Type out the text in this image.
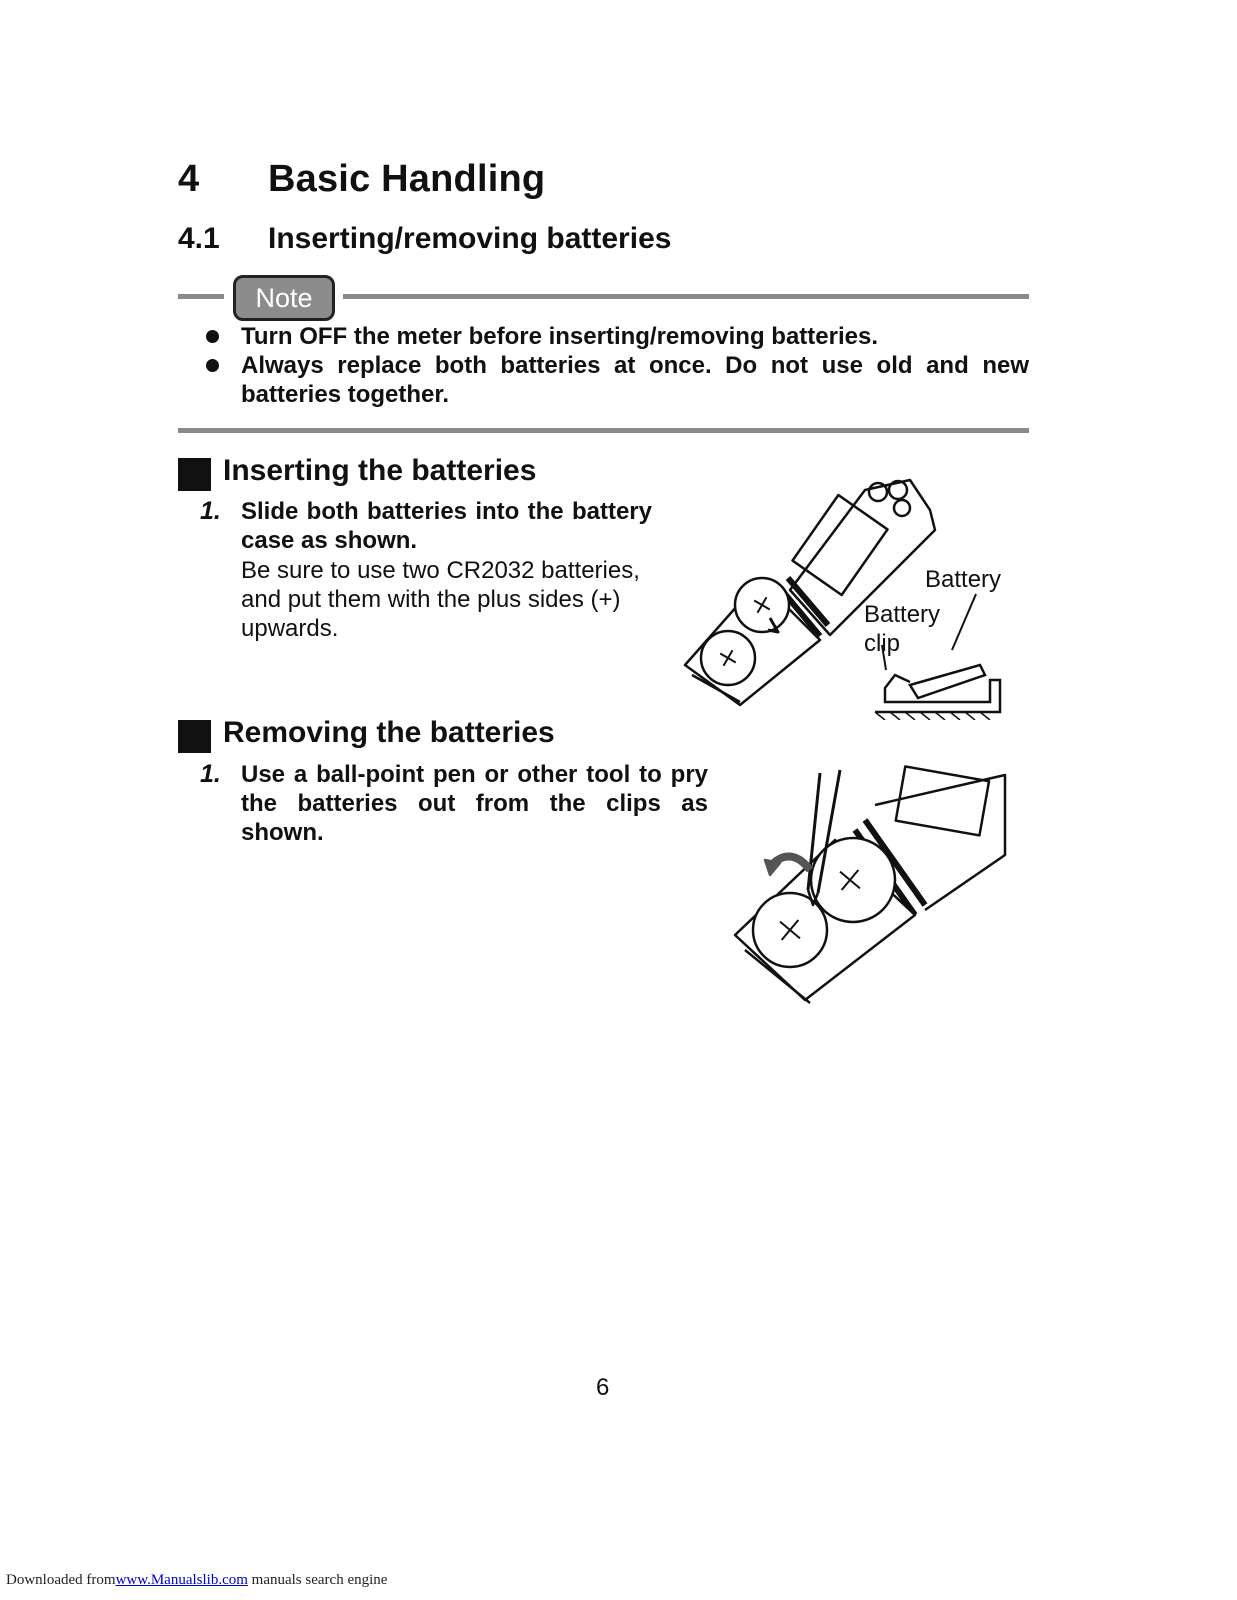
4 Basic Handling
4.1 Inserting/removing batteries
Note
Turn OFF the meter before inserting/removing batteries.
Always replace both batteries at once. Do not use old and new batteries together.
Inserting the batteries
1. Slide both batteries into the battery case as shown.
Be sure to use two CR2032 batteries, and put them with the plus sides (+) upwards.
Battery
Battery
clip
Removing the batteries
1. Use a ball-point pen or other tool to pry the batteries out from the clips as shown.
6
Downloaded fromwww.Manualslib.com manuals search engine
